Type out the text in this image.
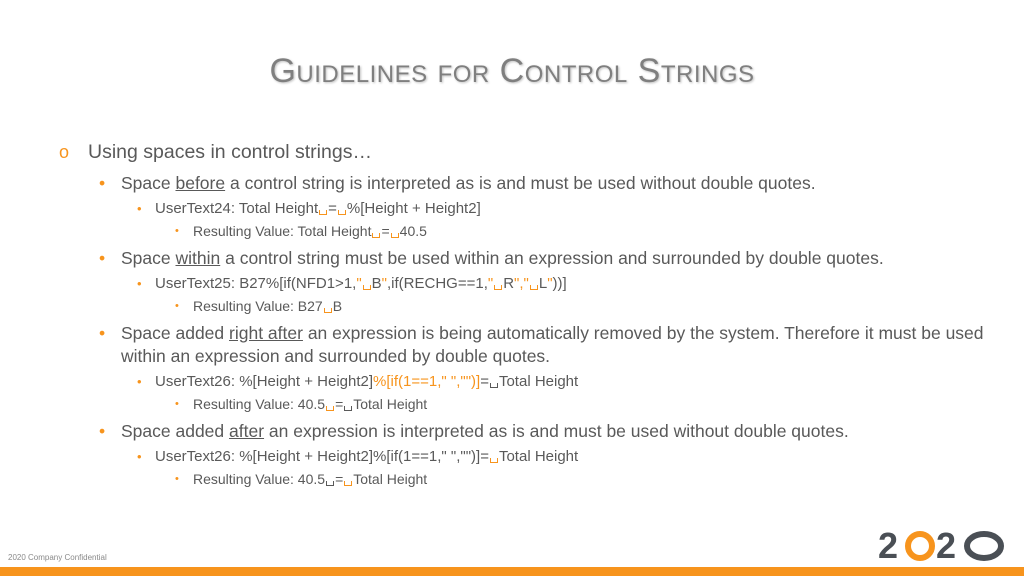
Guidelines for Control Strings
o Using spaces in control strings…
• Space before a control string is interpreted as is and must be used without double quotes.
• UserText24: Total Height = %[Height + Height2]
• Resulting Value: Total Height = 40.5
• Space within a control string must be used within an expression and surrounded by double quotes.
• UserText25: B27%[if(NFD1>1," B",if(RECHG==1," R"," L"))]
• Resulting Value: B27 B
• Space added right after an expression is being automatically removed by the system. Therefore it must be used within an expression and surrounded by double quotes.
• UserText26: %[Height + Height2]%[if(1==1," ","")]= Total Height
• Resulting Value: 40.5 = Total Height
• Space added after an expression is interpreted as is and must be used without double quotes.
• UserText26: %[Height + Height2]%[if(1==1," ","")]= Total Height
• Resulting Value: 40.5 = Total Height
2020 Company Confidential	2 2
